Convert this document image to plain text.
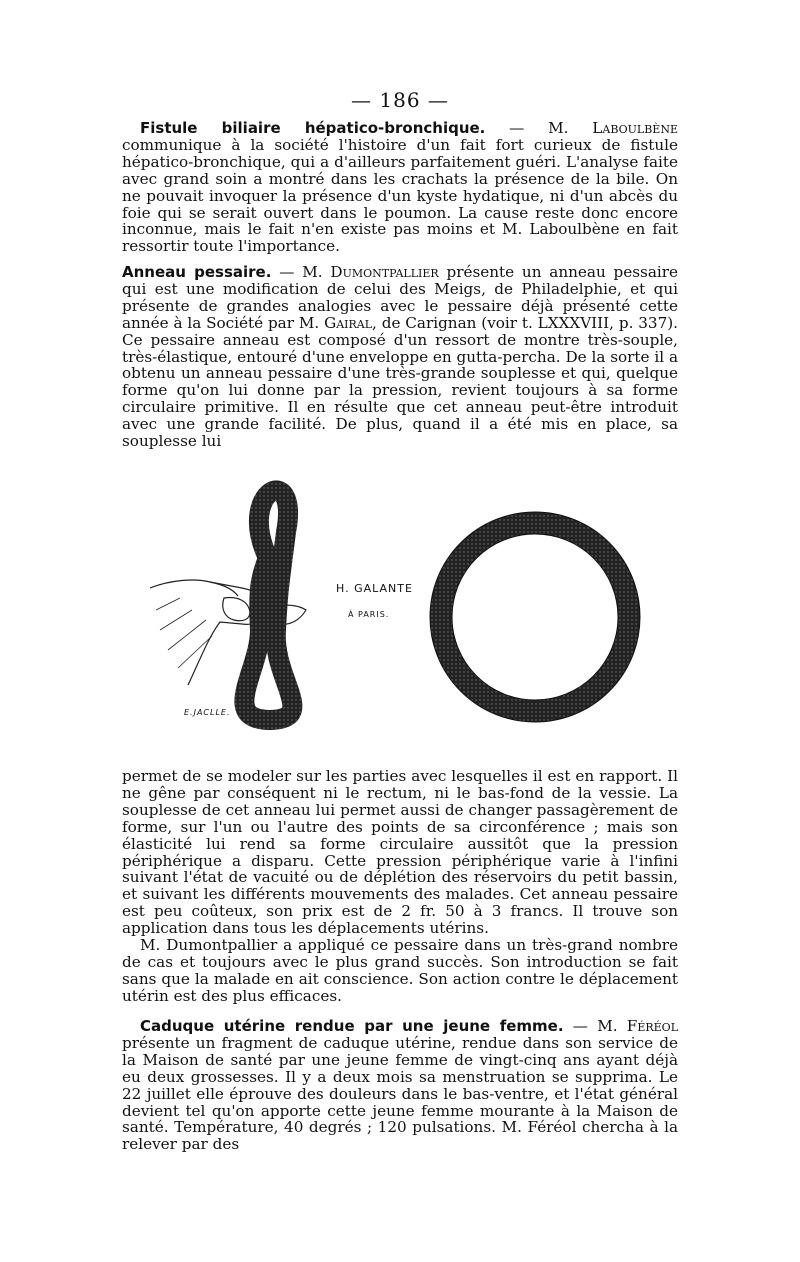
— 186 —

Fistule biliaire hépatico-bronchique. — M. Laboulbène communique à la société l'histoire d'un fait fort curieux de fistule hépatico-bronchique, qui a d'ailleurs parfaitement guéri. L'analyse faite avec grand soin a montré dans les crachats la présence de la bile. On ne pouvait invoquer la présence d'un kyste hydatique, ni d'un abcès du foie qui se serait ouvert dans le poumon. La cause reste donc encore inconnue, mais le fait n'en existe pas moins et M. Laboulbène en fait ressortir toute l'importance.

Anneau pessaire. — M. Dumontpallier présente un anneau pessaire qui est une modification de celui des Meigs, de Philadelphie, et qui présente de grandes analogies avec le pessaire déjà présenté cette année à la Société par M. Gairal, de Carignan (voir t. LXXXVIII, p. 337). Ce pessaire anneau est composé d'un ressort de montre très-souple, très-élastique, entouré d'une enveloppe en gutta-percha. De la sorte il a obtenu un anneau pessaire d'une très-grande souplesse et qui, quelque forme qu'on lui donne par la pression, revient toujours à sa forme circulaire primitive. Il en résulte que cet anneau peut-être introduit avec une grande facilité. De plus, quand il a été mis en place, sa souplesse lui

H. GALANTE
À PARIS.
E.JACLLE.

permet de se modeler sur les parties avec lesquelles il est en rapport. Il ne gêne par conséquent ni le rectum, ni le bas-fond de la vessie. La souplesse de cet anneau lui permet aussi de changer passagèrement de forme, sur l'un ou l'autre des points de sa circonférence ; mais son élasticité lui rend sa forme circulaire aussitôt que la pression périphérique a disparu. Cette pression périphérique varie à l'infini suivant l'état de vacuité ou de déplétion des réservoirs du petit bassin, et suivant les différents mouvements des malades. Cet anneau pessaire est peu coûteux, son prix est de 2 fr. 50 à 3 francs. Il trouve son application dans tous les déplacements utérins.

M. Dumontpallier a appliqué ce pessaire dans un très-grand nombre de cas et toujours avec le plus grand succès. Son introduction se fait sans que la malade en ait conscience. Son action contre le déplacement utérin est des plus efficaces.

Caduque utérine rendue par une jeune femme. — M. Féréol présente un fragment de caduque utérine, rendue dans son service de la Maison de santé par une jeune femme de vingt-cinq ans ayant déjà eu deux grossesses. Il y a deux mois sa menstruation se supprima. Le 22 juillet elle éprouve des douleurs dans le bas-ventre, et l'état général devient tel qu'on apporte cette jeune femme mourante à la Maison de santé. Température, 40 degrés ; 120 pulsations. M. Féréol chercha à la relever par des
